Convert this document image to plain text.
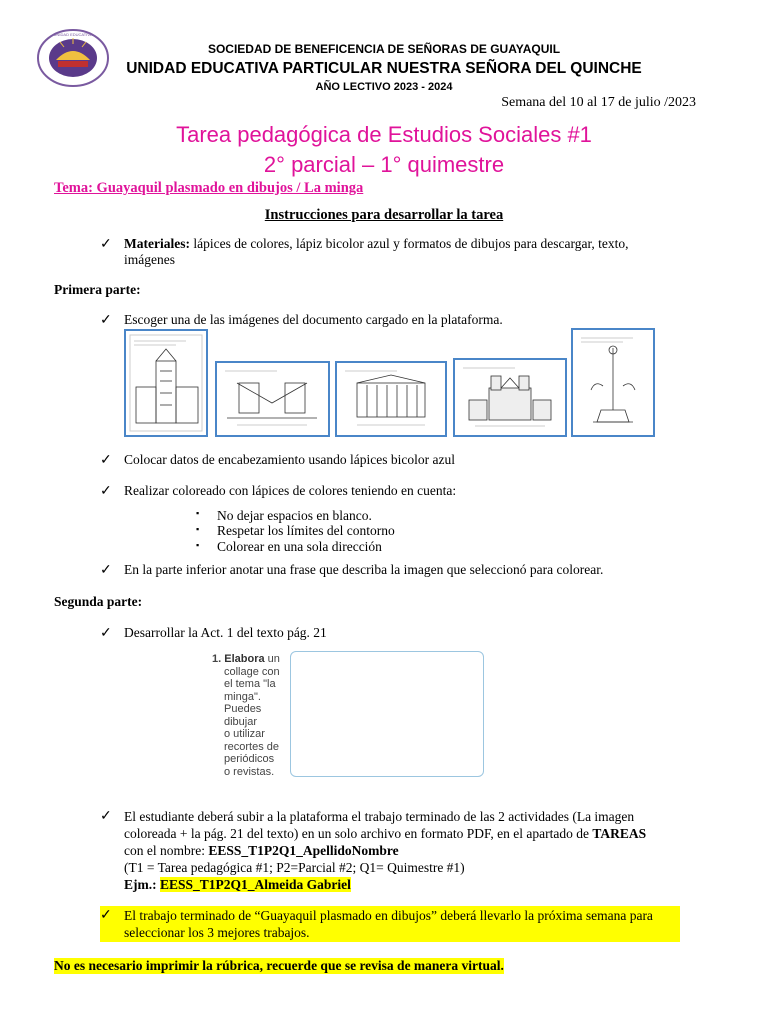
UNIDAD EDUCATIVA
SOCIEDAD DE BENEFICENCIA DE SEÑORAS DE GUAYAQUIL
UNIDAD EDUCATIVA PARTICULAR NUESTRA SEÑORA DEL QUINCHE
AÑO LECTIVO 2023 - 2024
Semana del 10 al 17 de julio /2023
Tarea pedagógica de Estudios Sociales #1
2° parcial – 1° quimestre
Tema: Guayaquil plasmado en dibujos / La minga
Instrucciones para desarrollar la tarea
✓ Materiales: lápices de colores, lápiz bicolor azul y formatos de dibujos para descargar, texto,
imágenes
Primera parte:
✓ Escoger una de las imágenes del documento cargado en la plataforma.
✓ Colocar datos de encabezamiento usando lápices bicolor azul
✓ Realizar coloreado con lápices de colores teniendo en cuenta:
▪ No dejar espacios en blanco.
▪ Respetar los límites del contorno
▪ Colorear en una sola dirección
✓ En la parte inferior anotar una frase que describa la imagen que seleccionó para colorear.
Segunda parte:
✓ Desarrollar la Act. 1 del texto pág. 21
1. Elabora un
collage con
el tema "la
minga".
Puedes
dibujar
o utilizar
recortes de
periódicos
o revistas.
✓ El estudiante deberá subir a la plataforma el trabajo terminado de las 2 actividades (La imagen
coloreada + la pág. 21 del texto) en un solo archivo en formato PDF, en el apartado de TAREAS
con el nombre: EESS_T1P2Q1_ApellidoNombre
(T1 = Tarea pedagógica #1; P2=Parcial #2; Q1= Quimestre #1)
Ejm.: EESS_T1P2Q1_Almeida Gabriel
✓ El trabajo terminado de “Guayaquil plasmado en dibujos” deberá llevarlo la próxima semana para
seleccionar los 3 mejores trabajos.
No es necesario imprimir la rúbrica, recuerde que se revisa de manera virtual.
